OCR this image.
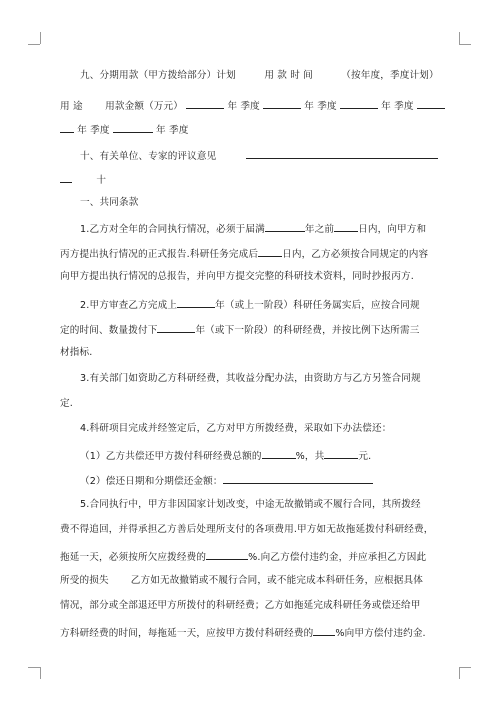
九、分期用款（甲方拨给部分）计划	用 款 时 间	（按年度，季度计划）
用 途 用款金额（万元）	年 季度	年 季度	年 季度
年 季度	年 季度
十、有关单位、专家的评议意见
十
一、共同条款
1.乙方对全年的合同执行情况，必须于届满	年之前	日内，向甲方和
丙方提出执行情况的正式报告.科研任务完成后	日内，乙方必须按合同规定的内容
向甲方提出执行情况的总报告，并向甲方提交完整的科研技术资料，同时抄报丙方.
2.甲方审查乙方完成上	年（或上一阶段）科研任务属实后，应按合同规
定的时间、数量拨付下	年（或下一阶段）的科研经费，并按比例下达所需三
材指标.
3.有关部门如资助乙方科研经费，其收益分配办法，由资助方与乙方另签合同规
定.
4.科研项目完成并经签定后，乙方对甲方所拨经费，采取如下办法偿还：
（1）乙方共偿还甲方拨付科研经费总额的	%，共	元.
（2）偿还日期和分期偿还金额：
5.合同执行中，甲方非因国家计划改变，中途无故撤销或不履行合同，其所拨经
费不得追回，并得承担乙方善后处理所支付的各项费用.甲方如无故拖延拨付科研经费，
拖延一天，必须按所欠应拨经费的	%.向乙方偿付违约金，并应承担乙方因此
所受的损失 乙方如无故撤销或不履行合同，或不能完成本科研任务，应根据具体
情况，部分或全部退还甲方所拨付的科研经费；乙方如拖延完成科研任务或偿还给甲
方科研经费的时间，每拖延一天，应按甲方拨付科研经费的 %向甲方偿付违约金.
